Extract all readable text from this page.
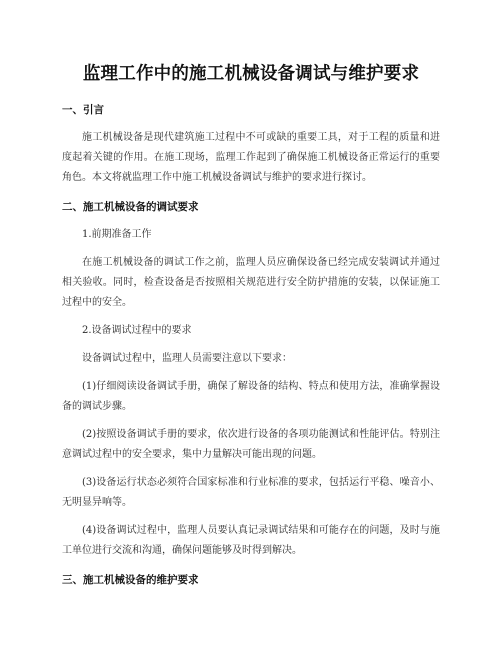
监理工作中的施工机械设备调试与维护要求
一、引言

施工机械设备是现代建筑施工过程中不可或缺的重要工具，对于工程的质量和进度起着关键的作用。在施工现场，监理工作起到了确保施工机械设备正常运行的重要角色。本文将就监理工作中施工机械设备调试与维护的要求进行探讨。

二、施工机械设备的调试要求

1.前期准备工作

在施工机械设备的调试工作之前，监理人员应确保设备已经完成安装调试并通过相关验收。同时，检查设备是否按照相关规范进行安全防护措施的安装，以保证施工过程中的安全。

2.设备调试过程中的要求

设备调试过程中，监理人员需要注意以下要求：

(1)仔细阅读设备调试手册，确保了解设备的结构、特点和使用方法，准确掌握设备的调试步骤。

(2)按照设备调试手册的要求，依次进行设备的各项功能测试和性能评估。特别注意调试过程中的安全要求，集中力量解决可能出现的问题。

(3)设备运行状态必须符合国家标准和行业标准的要求，包括运行平稳、噪音小、无明显异响等。

(4)设备调试过程中，监理人员要认真记录调试结果和可能存在的问题，及时与施工单位进行交流和沟通，确保问题能够及时得到解决。

三、施工机械设备的维护要求
